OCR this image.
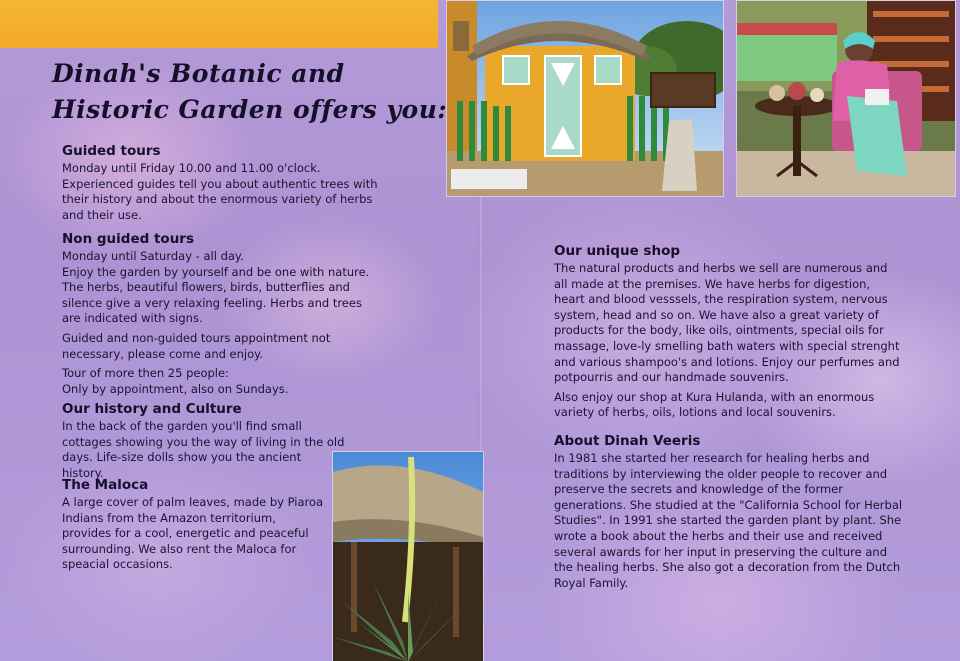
Dinah's Botanic and
Historic Garden offers you:
Guided tours

Monday until Friday 10.00 and 11.00 o'clock.

Experienced guides tell you about authentic trees with their history and about the enormous variety of herbs and their use.

Non guided tours

Monday until Saturday - all day.

Enjoy the garden by yourself and be one with nature. The herbs, beautiful flowers, birds, butterflies and silence give a very relaxing feeling. Herbs and trees are indicated with signs.

Guided and non-guided tours appointment not necessary, please come and enjoy.

Tour of more then 25 people:

Only by appointment, also on Sundays.

Our history and Culture

In the back of the garden you'll find small cottages showing you the way of living in the old days. Life-size dolls show you the ancient history.

The Maloca

A large cover of palm leaves, made by Piaroa Indians from the Amazon territorium, provides for a cool, energetic and peaceful surrounding. We also rent the Maloca for speacial occasions.

Our unique shop

The natural products and herbs we sell are numerous and all made at the premises. We have herbs for digestion, heart and blood vesssels, the respiration system, nervous system, head and so on. We have also a great variety of products for the body, like oils, ointments, special oils for massage, love-ly smelling bath waters with special strenght and various shampoo's and lotions. Enjoy our perfumes and potpourris and our handmade souvenirs.

Also enjoy our shop at Kura Hulanda, with an enormous variety of herbs, oils, lotions and local souvenirs.

About Dinah Veeris

In 1981 she started her research for healing herbs and traditions by interviewing the older people to recover and preserve the secrets and knowledge of the former generations. She studied at the "California School for Herbal Studies". In 1991 she started the garden plant by plant. She wrote a book about the herbs and their use and received several awards for her input in preserving the culture and the healing herbs. She also got a decoration from the Dutch Royal Family.
